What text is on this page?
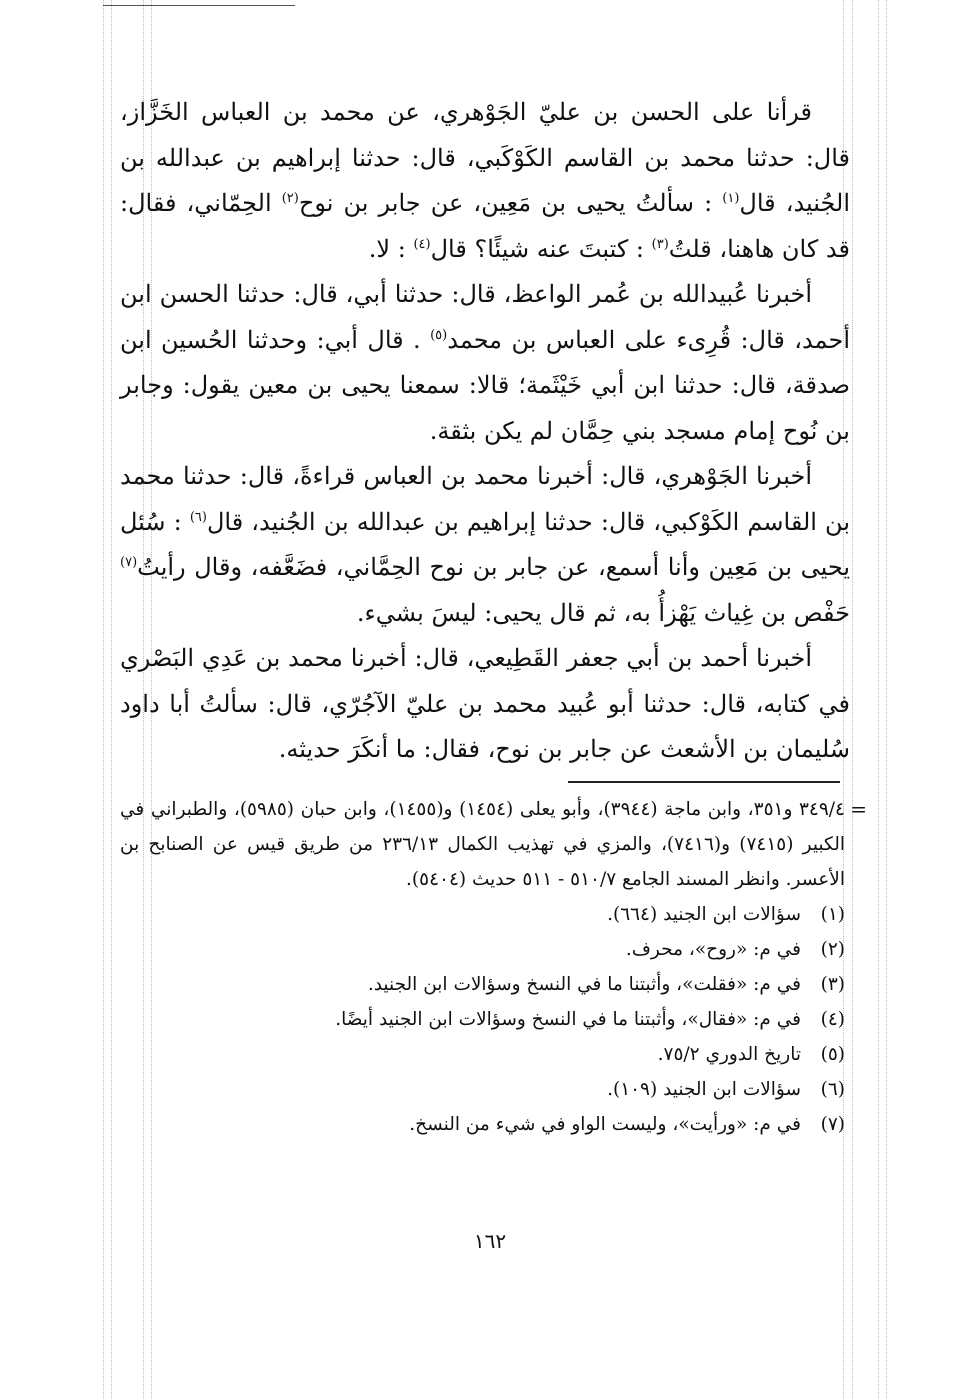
قرأنا على الحسن بن عليّ الجَوْهري، عن محمد بن العباس الخَزَّاز، قال: حدثنا محمد بن القاسم الكَوْكَبي، قال: حدثنا إبراهيم بن عبدالله بن الجُنيد، قال$^{(١)}$ : سألتُ يحيى بن مَعِين، عن جابر بن نوح$^{(٢)}$ الحِمّاني، فقال: قد كان هاهنا، قلتُ$^{(٣)}$ : كتبتَ عنه شيئًا؟ قال$^{(٤)}$ : لا.

أخبرنا عُبيدالله بن عُمر الواعظ، قال: حدثنا أبي، قال: حدثنا الحسن ابن أحمد، قال: قُرِىء على العباس بن محمد$^{(٥)}$ . قال أبي: وحدثنا الحُسين ابن صدقة، قال: حدثنا ابن أبي خَيْثَمة؛ قالا: سمعنا يحيى بن معين يقول: وجابر بن نُوح إمام مسجد بني حِمَّان لم يكن بثقة.

أخبرنا الجَوْهري، قال: أخبرنا محمد بن العباس قراءةً، قال: حدثنا محمد بن القاسم الكَوْكبي، قال: حدثنا إبراهيم بن عبدالله بن الجُنيد، قال$^{(٦)}$ : سُئل يحيى بن مَعِين وأنا أسمع، عن جابر بن نوح الحِمَّاني، فضَعَّفه، وقال رأيتُ$^{(٧)}$ حَفْص بن غِياث يَهْزأُ به، ثم قال يحيى: ليسَ بشيء.

أخبرنا أحمد بن أبي جعفر القَطِيعي، قال: أخبرنا محمد بن عَدِي البَصْري في كتابه، قال: حدثنا أبو عُبيد محمد بن عليّ الآجُرّي، قال: سألتُ أبا داود سُليمان بن الأشعث عن جابر بن نوح، فقال: ما أنكَرَ حديثه.

=
٣٤٩/٤ و٣٥١، وابن ماجة (٣٩٤٤)، وأبو يعلى (١٤٥٤) و(١٤٥٥)، وابن حبان (٥٩٨٥)، والطبراني في الكبير (٧٤١٥) و(٧٤١٦)، والمزي في تهذيب الكمال ٢٣٦/١٣ من طريق قيس عن الصنابح بن الأعسر. وانظر المسند الجامع ٥١٠/٧ - ٥١١ حديث (٥٤٠٤).

(١)
سؤالات ابن الجنيد (٦٦٤).

(٢)
في م: «روح»، محرف.

(٣)
في م: «فقلت»، وأثبتنا ما في النسخ وسؤالات ابن الجنيد.

(٤)
في م: «فقال»، وأثبتنا ما في النسخ وسؤالات ابن الجنيد أيضًا.

(٥)
تاريخ الدوري ٧٥/٢.

(٦)
سؤالات ابن الجنيد (١٠٩).

(٧)
في م: «ورأيت»، وليست الواو في شيء من النسخ.

١٦٢
